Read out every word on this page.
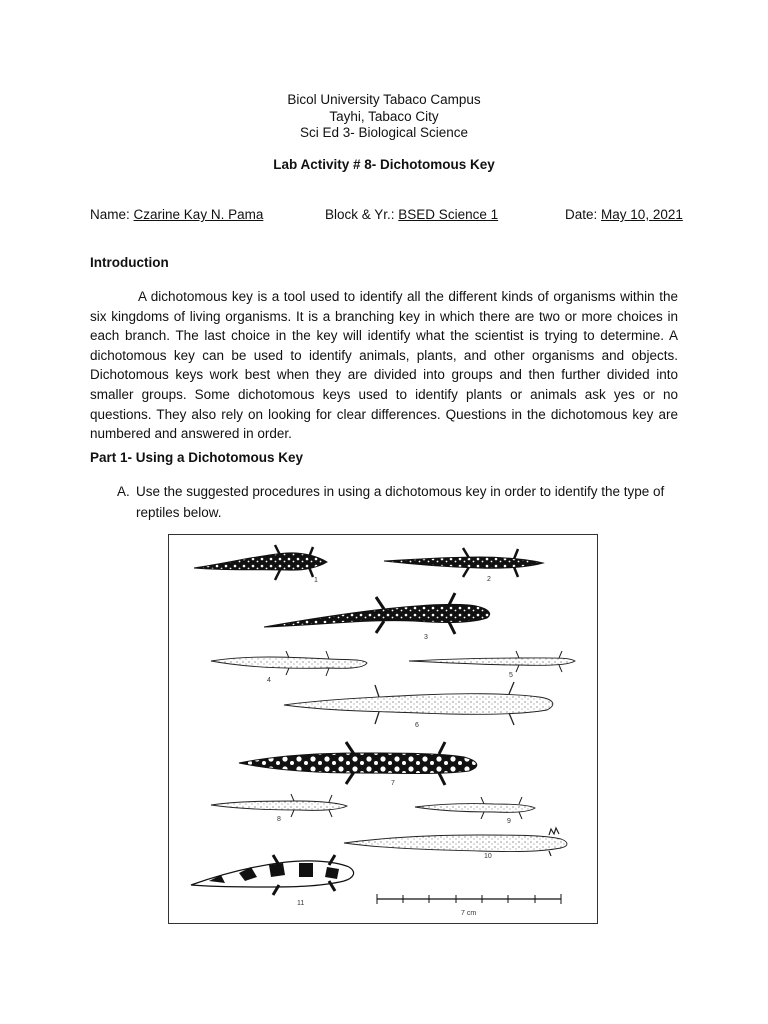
Bicol University Tabaco Campus
Tayhi, Tabaco City
Sci Ed 3- Biological Science
Lab Activity # 8- Dichotomous Key
Name: Czarine Kay N. Pama	Block & Yr.: BSED Science 1	Date: May 10, 2021
Introduction

A dichotomous key is a tool used to identify all the different kinds of organisms within the six kingdoms of living organisms. It is a branching key in which there are two or more choices in each branch. The last choice in the key will identify what the scientist is trying to determine. A dichotomous key can be used to identify animals, plants, and other organisms and objects. Dichotomous keys work best when they are divided into groups and then further divided into smaller groups. Some dichotomous keys used to identify plants or animals ask yes or no questions. They also rely on looking for clear differences. Questions in the dichotomous key are numbered and answered in order.

Part 1- Using a Dichotomous Key
A. Use the suggested procedures in using a dichotomous key in order to identify the type of reptiles below.
1	2
3
4
5
6
7
8	9
10
11
7 cm
